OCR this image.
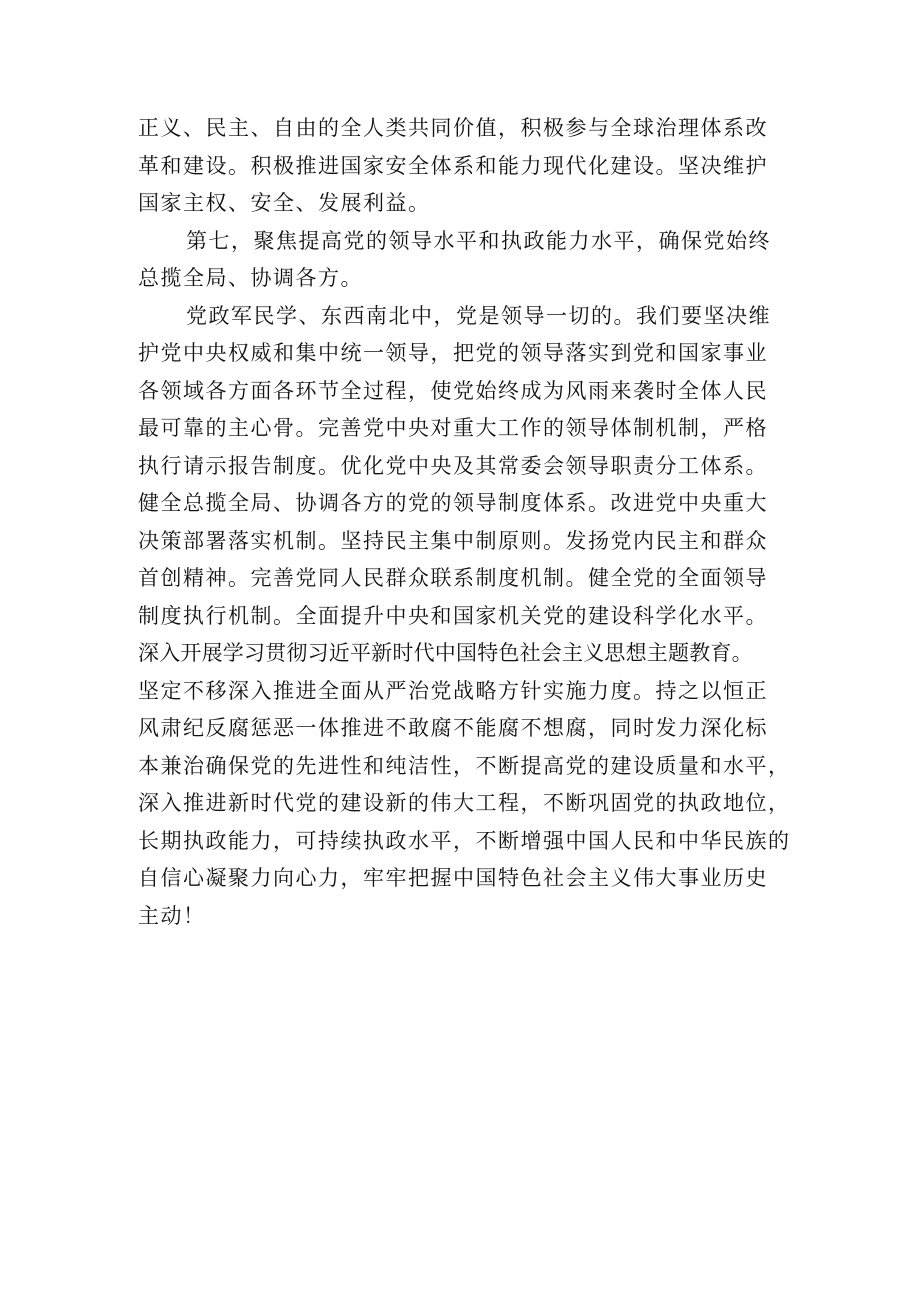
正义、民主、自由的全人类共同价值，积极参与全球治理体系改
革和建设。积极推进国家安全体系和能力现代化建设。坚决维护
国家主权、安全、发展利益。
第七，聚焦提高党的领导水平和执政能力水平，确保党始终
总揽全局、协调各方。
党政军民学、东西南北中，党是领导一切的。我们要坚决维
护党中央权威和集中统一领导，把党的领导落实到党和国家事业
各领域各方面各环节全过程，使党始终成为风雨来袭时全体人民
最可靠的主心骨。完善党中央对重大工作的领导体制机制，严格
执行请示报告制度。优化党中央及其常委会领导职责分工体系。
健全总揽全局、协调各方的党的领导制度体系。改进党中央重大
决策部署落实机制。坚持民主集中制原则。发扬党内民主和群众
首创精神。完善党同人民群众联系制度机制。健全党的全面领导
制度执行机制。全面提升中央和国家机关党的建设科学化水平。
深入开展学习贯彻习近平新时代中国特色社会主义思想主题教育。
坚定不移深入推进全面从严治党战略方针实施力度。持之以恒正
风肃纪反腐惩恶一体推进不敢腐不能腐不想腐，同时发力深化标
本兼治确保党的先进性和纯洁性，不断提高党的建设质量和水平，
深入推进新时代党的建设新的伟大工程，不断巩固党的执政地位，
长期执政能力，可持续执政水平，不断增强中国人民和中华民族的
自信心凝聚力向心力，牢牢把握中国特色社会主义伟大事业历史
主动！
